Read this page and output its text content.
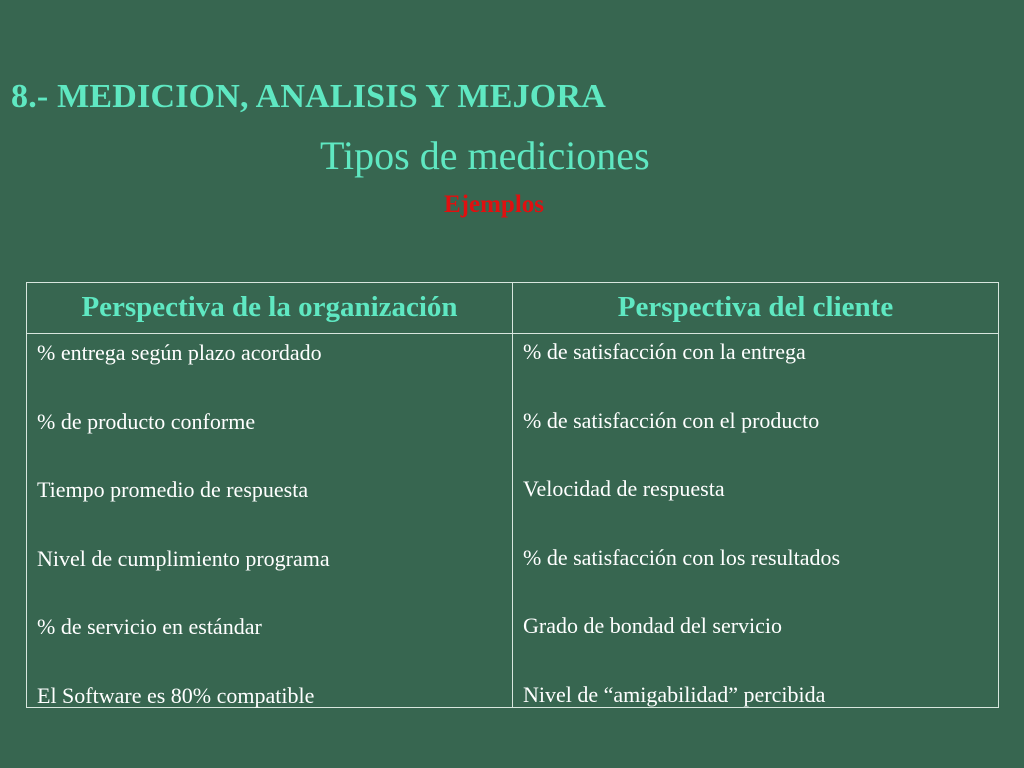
8.- MEDICION, ANALISIS Y MEJORA
Tipos de mediciones
Ejemplos
Perspectiva de la organización	Perspectiva del cliente
% entrega según plazo acordado
% de producto conforme
Tiempo promedio de respuesta
Nivel de cumplimiento programa
% de servicio en estándar
El Software es 80% compatible
% de satisfacción con la entrega
% de satisfacción con el producto
Velocidad de respuesta
% de satisfacción con los resultados
Grado de bondad del servicio
Nivel de “amigabilidad” percibida
